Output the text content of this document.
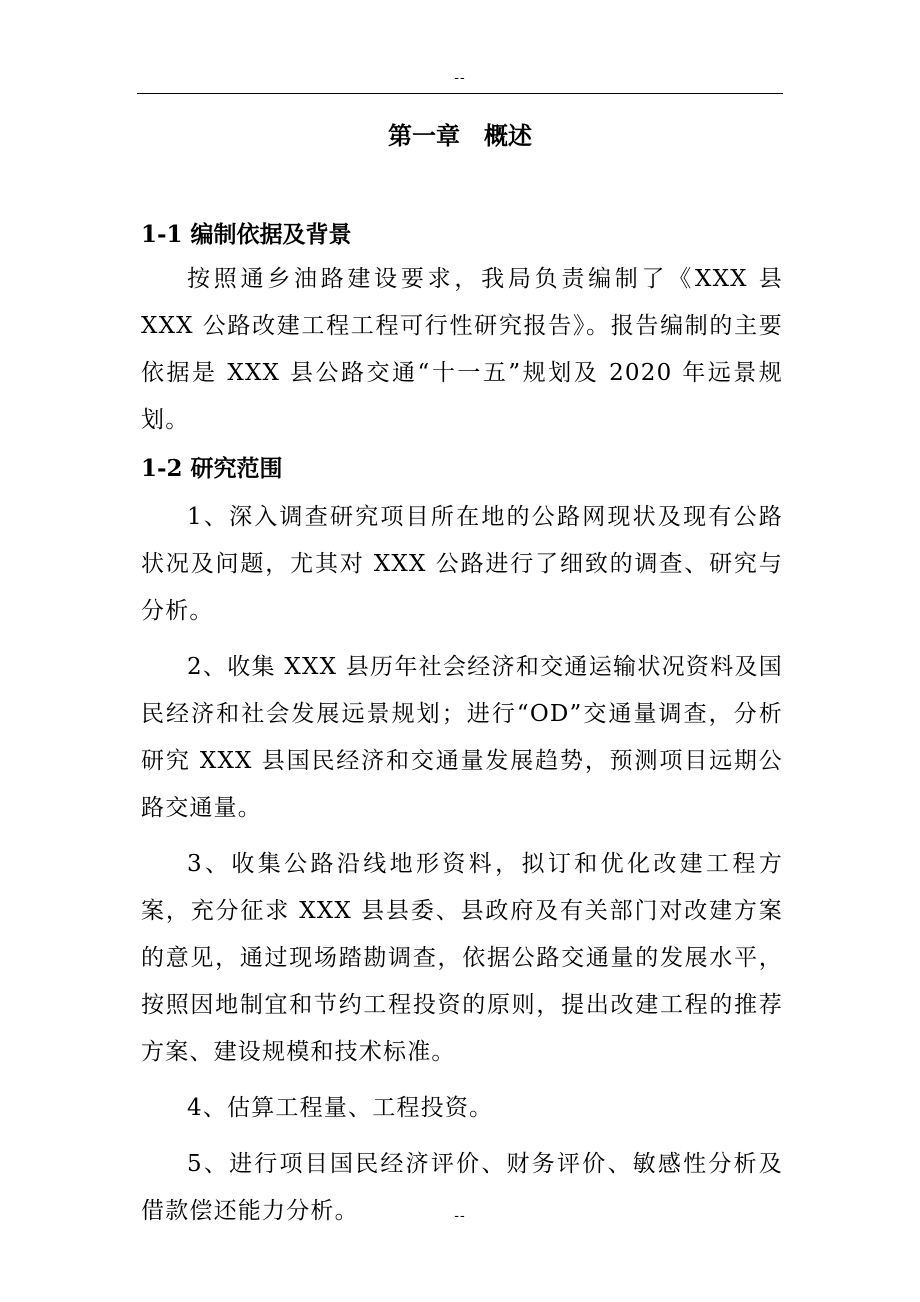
--
第一章　概述
1-1 编制依据及背景

按照通乡油路建设要求，我局负责编制了《XXX 县 XXX 公路改建工程工程可行性研究报告》。报告编制的主要依据是 XXX 县公路交通“十一五”规划及 2020 年远景规划。

1-2 研究范围

1、深入调查研究项目所在地的公路网现状及现有公路状况及问题，尤其对 XXX 公路进行了细致的调查、研究与分析。

2、收集 XXX 县历年社会经济和交通运输状况资料及国民经济和社会发展远景规划；进行“OD”交通量调查，分析研究 XXX 县国民经济和交通量发展趋势，预测项目远期公路交通量。

3、收集公路沿线地形资料，拟订和优化改建工程方案，充分征求 XXX 县县委、县政府及有关部门对改建方案的意见，通过现场踏勘调查，依据公路交通量的发展水平，按照因地制宜和节约工程投资的原则，提出改建工程的推荐方案、建设规模和技术标准。

4、估算工程量、工程投资。

5、进行项目国民经济评价、财务评价、敏感性分析及借款偿还能力分析。	--
